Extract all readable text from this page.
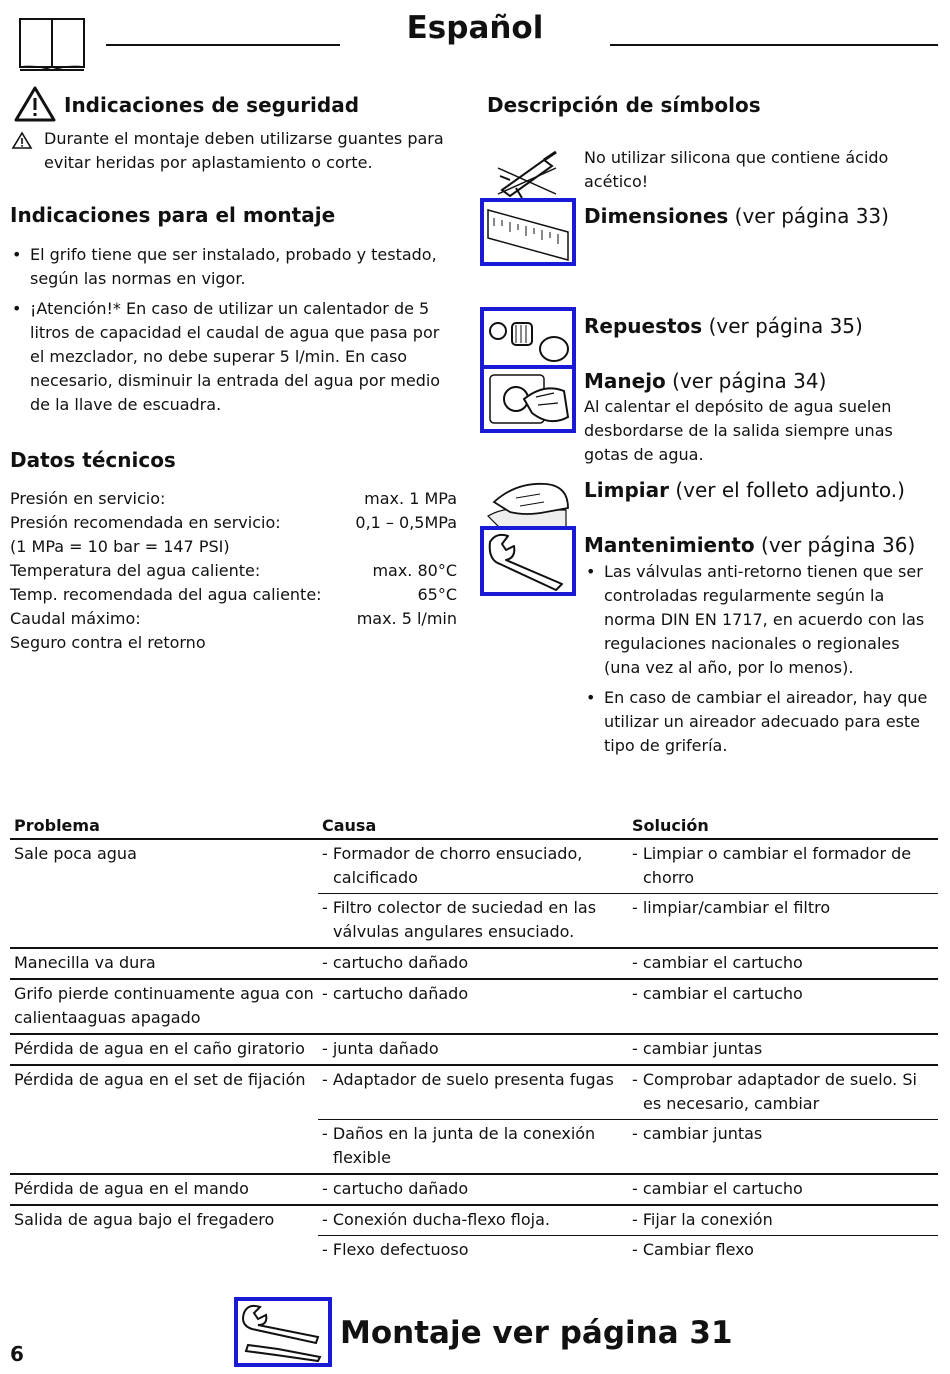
Español
Indicaciones de seguridad
Durante el montaje deben utilizarse guantes para evitar heridas por aplastamiento o corte.
Indicaciones para el montaje
• El grifo tiene que ser instalado, probado y testado, según las normas en vigor.
• ¡Atención!* En caso de utilizar un calentador de 5 litros de capacidad el caudal de agua que pasa por el mezclador, no debe superar 5 l/min. En caso necesario, disminuir la entrada del agua por medio de la llave de escuadra.
Datos técnicos
Presión en servicio:	max. 1 MPa
Presión recomendada en servicio:	0,1 – 0,5MPa
(1 MPa = 10 bar = 147 PSI)
Temperatura del agua caliente:	max. 80°C
Temp. recomendada del agua caliente:	65°C
Caudal máximo:	max. 5 l/min
Seguro contra el retorno
Descripción de símbolos
No utilizar silicona que contiene ácido acético!
Dimensiones (ver página 33)
Repuestos (ver página 35)
Manejo (ver página 34)
Al calentar el depósito de agua suelen desbordarse de la salida siempre unas gotas de agua.
Limpiar (ver el folleto adjunto.)
Mantenimiento (ver página 36)
• Las válvulas anti-retorno tienen que ser controladas regularmente según la norma DIN EN 1717, en acuerdo con las regulaciones nacionales o regionales (una vez al año, por lo menos).
• En caso de cambiar el aireador, hay que utilizar un aireador adecuado para este tipo de grifería.
Problema	Causa	Solución
Sale poca agua	- Formador de chorro ensuciado, calcificado	- Limpiar o cambiar el formador de chorro

	- Filtro colector de suciedad en las válvulas angulares ensuciado.	- limpiar/cambiar el filtro

Manecilla va dura	- cartucho dañado	- cambiar el cartucho

Grifo pierde continuamente agua con calientaaguas apagado	- cartucho dañado	- cambiar el cartucho

Pérdida de agua en el caño giratorio	- junta dañado	- cambiar juntas

Pérdida de agua en el set de fijación	- Adaptador de suelo presenta fugas	- Comprobar adaptador de suelo. Si es necesario, cambiar

	- Daños en la junta de la conexión flexible	- cambiar juntas

Pérdida de agua en el mando	- cartucho dañado	- cambiar el cartucho

Salida de agua bajo el fregadero	- Conexión ducha-flexo floja.	- Fijar la conexión

	- Flexo defectuoso	- Cambiar flexo
6
Montaje ver página 31
